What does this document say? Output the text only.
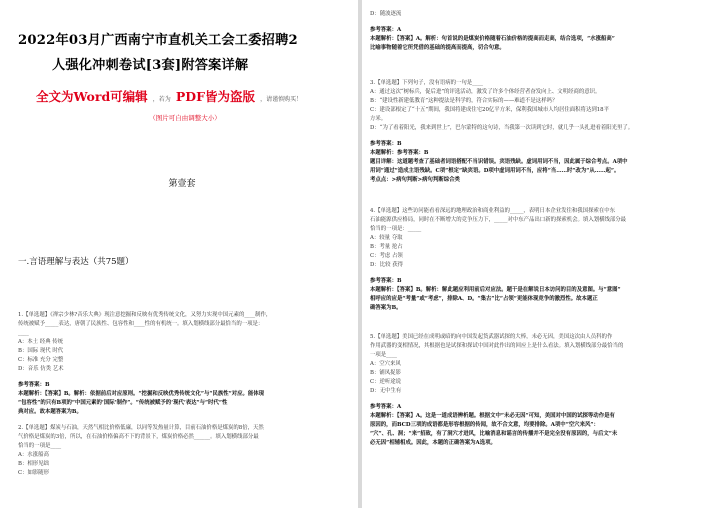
2022年03月广西南宁市直机关工会工委招聘2
人强化冲刺卷试[3套]附答案详解
全文为Word可编辑 ，若为 PDF皆为盗版 ，请谨慎购买！
（图片可自由调整大小）
第壹套
一.言语理解与表达（共75题）
1.【单选题】《禅宗少林?音乐大典》现注意挖掘和反映有优秀传统文化，又努力实现中国元素的____制作，
传统被赋予_____表达，唐朝了民族性、包容性和____性的有机统一。填入划横线部分最恰当的一项是：
____
A：本土 经典 传统
B：国际 现代 时代
C：标准 充分 完整
D：音乐 仿类 艺术
参考答案：B
本题解析：【答案】B。解析：依据前后对应原则。“挖掘和反映优秀传统文化”与“民族性”对应。能体现
“包容性”的只有B项的“中国元素的‘国际’制作”。“传统被赋予的‘现代’表达”与“时代”性
典对应。故本题答案为B。
2.【单选题】煤炭与石油，天然气相比价格低廉，以同等发热量计算，目前石油价格是煤炭的8倍，天然
气价格是煤炭的3倍，所以，在石油价格偏高不下的背景下，煤炭价格必然______。填入划横线部分最
恰当的一项是____
A：水涨船高
B：相形见绌
C：如影随形
D：随波逐流
参考答案：A
本题解析：【答案】A。解析：句首说的是煤炭价格随着石油价格的提高而走高，结合选项，“水涨船高”
比喻事物随着它所凭借的基础的提高而提高，切合句意。
3.【单选题】下列句子，没有语病的一句是____
A：通过这次“树标兵，促后进”的评选活动，激发了许多个体经营者奋发向上、文明经商的意识。
B：“建设性新建低教育”这种提法是科学的，符合实际的——难道不是这样吗？
C：建设部根定了“十五”期间，我国将建成住宅20亿平方米，保利我国城市人均居住面积将达到18平
方米。
D：“为了看着阳光，我来到世上”，巴尔蒙特的这句诗，当我第一次读到它时，就几乎一头扎进看着阳光里了。
参考答案：B
本题解析：参考答案：B
题目详解：这道题考查了基础者词语搭配不当识错误。宾语残缺。虚词用词不当，因此属于综合考点。A项中
用词“通过”造成主语残缺。C项“根定”缺宾语。D项中虚词用词不当，应将“当……时”改为“从……起”。
考点点：>病句判断>病句判断综合类
4.【单选题】这些访问能看看深远的地理政治和商业利益的_____，表明日本企业发往和我国探索在中东
石油能源供应格局，同时在不断增大的竞争压力下，_____对中东产品出口新的探索机会。填入划横线部分最
恰当的一项是：_____
A：较量 夺取
B：考量 抢占
C：考虑 占领
D：比较 获得
参考答案：B
本题解析：【答案】B。解析：解此题应利用前后对应法。题干是在解说日本访问的目的及意图。与“意图”
相呼应的应是“考量”或“考虑”，排除A、D。“集古”比“占领”更能体现竞争的激烈性。故本题正
确答案为B。
5.【单选题】美国已经在成明或暗的向中国发起货武器试探的大棒，未必无因，美国这次由人员科的作
作用武器的变相情况，其根据也是试探和探试中国对此作出的回应上是什么看法。填入划横线部分最恰当的
一项是____
A：空穴来风
B：铺凤捉影
C：逆听途说
D：无中生有
参考答案：A
本题解析：【答案】A。这是一道成语辨析题。根据文中“未必无因”可知，美国对中国的试探等动作是有
原因的，而BCD三项的成语都是形容根据的传闻，故不合文意，均要排除。A项中“空穴来风”：
“穴”、孔、洞；“来”招致，有了洞穴才进风，比喻消息和谣言的传播并不是完全没有原因的，与后文“未
必无因”相辅相成。因此，本题的正确答案为A选项。
